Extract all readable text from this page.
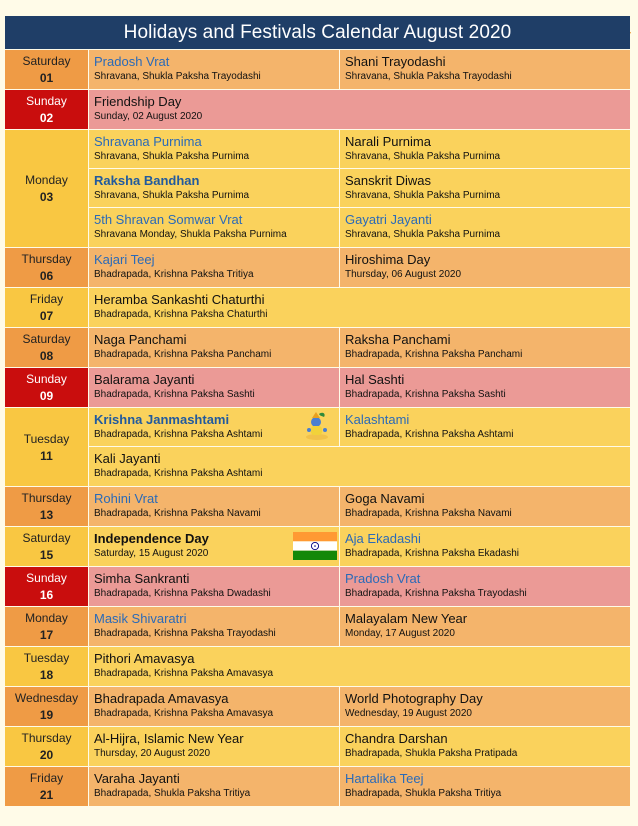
Holidays and Festivals Calendar August 2020
Saturday
01
Pradosh Vrat
Shravana, Shukla Paksha Trayodashi
Shani Trayodashi
Shravana, Shukla Paksha Trayodashi
Sunday
02
Friendship Day
Sunday, 02 August 2020
Monday
03
Shravana Purnima
Shravana, Shukla Paksha Purnima
Narali Purnima
Shravana, Shukla Paksha Purnima
Raksha Bandhan
Shravana, Shukla Paksha Purnima
Sanskrit Diwas
Shravana, Shukla Paksha Purnima
5th Shravan Somwar Vrat
Shravana Monday, Shukla Paksha Purnima
Gayatri Jayanti
Shravana, Shukla Paksha Purnima
Thursday
06
Kajari Teej
Bhadrapada, Krishna Paksha Tritiya
Hiroshima Day
Thursday, 06 August 2020
Friday
07
Heramba Sankashti Chaturthi
Bhadrapada, Krishna Paksha Chaturthi
Saturday
08
Naga Panchami
Bhadrapada, Krishna Paksha Panchami
Raksha Panchami
Bhadrapada, Krishna Paksha Panchami
Sunday
09
Balarama Jayanti
Bhadrapada, Krishna Paksha Sashti
Hal Sashti
Bhadrapada, Krishna Paksha Sashti
Tuesday
11
Krishna Janmashtami
Bhadrapada, Krishna Paksha Ashtami
Kalashtami
Bhadrapada, Krishna Paksha Ashtami
Kali Jayanti
Bhadrapada, Krishna Paksha Ashtami
Thursday
13
Rohini Vrat
Bhadrapada, Krishna Paksha Navami
Goga Navami
Bhadrapada, Krishna Paksha Navami
Saturday
15
Independence Day
Saturday, 15 August 2020
Aja Ekadashi
Bhadrapada, Krishna Paksha Ekadashi
Sunday
16
Simha Sankranti
Bhadrapada, Krishna Paksha Dwadashi
Pradosh Vrat
Bhadrapada, Krishna Paksha Trayodashi
Monday
17
Masik Shivaratri
Bhadrapada, Krishna Paksha Trayodashi
Malayalam New Year
Monday, 17 August 2020
Tuesday
18
Pithori Amavasya
Bhadrapada, Krishna Paksha Amavasya
Wednesday
19
Bhadrapada Amavasya
Bhadrapada, Krishna Paksha Amavasya
World Photography Day
Wednesday, 19 August 2020
Thursday
20
Al-Hijra, Islamic New Year
Thursday, 20 August 2020
Chandra Darshan
Bhadrapada, Shukla Paksha Pratipada
Friday
21
Varaha Jayanti
Bhadrapada, Shukla Paksha Tritiya
Hartalika Teej
Bhadrapada, Shukla Paksha Tritiya
